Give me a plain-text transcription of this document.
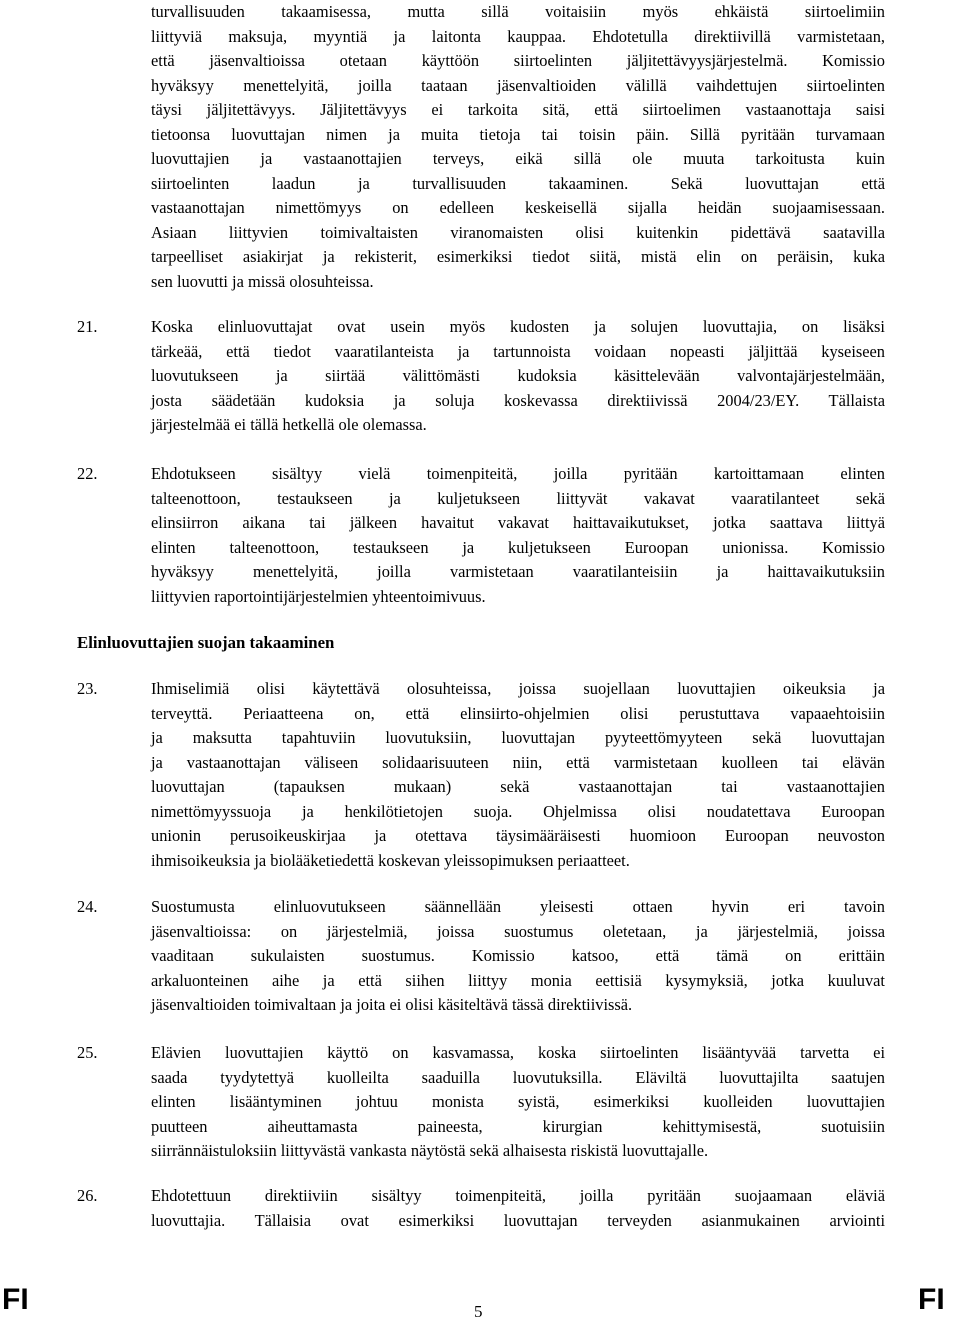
turvallisuuden takaamisessa, mutta sillä voitaisiin myös ehkäistä siirtoelimiin
liittyviä maksuja, myyntiä ja laitonta kauppaa. Ehdotetulla direktiivillä varmistetaan,
että jäsenvaltioissa otetaan käyttöön siirtoelinten jäljitettävyysjärjestelmä. Komissio
hyväksyy menettelyitä, joilla taataan jäsenvaltioiden välillä vaihdettujen siirtoelinten
täysi jäljitettävyys. Jäljitettävyys ei tarkoita sitä, että siirtoelimen vastaanottaja saisi
tietoonsa luovuttajan nimen ja muita tietoja tai toisin päin. Sillä pyritään turvamaan
luovuttajien ja vastaanottajien terveys, eikä sillä ole muuta tarkoitusta kuin
siirtoelinten laadun ja turvallisuuden takaaminen. Sekä luovuttajan että
vastaanottajan nimettömyys on edelleen keskeisellä sijalla heidän suojaamisessaan.
Asiaan liittyvien toimivaltaisten viranomaisten olisi kuitenkin pidettävä saatavilla
tarpeelliset asiakirjat ja rekisterit, esimerkiksi tiedot siitä, mistä elin on peräisin, kuka
sen luovutti ja missä olosuhteissa.
21.	Koska elinluovuttajat ovat usein myös kudosten ja solujen luovuttajia, on lisäksi
tärkeää, että tiedot vaaratilanteista ja tartunnoista voidaan nopeasti jäljittää kyseiseen
luovutukseen ja siirtää välittömästi kudoksia käsittelevään valvontajärjestelmään,
josta säädetään kudoksia ja soluja koskevassa direktiivissä 2004/23/EY. Tällaista
järjestelmää ei tällä hetkellä ole olemassa.
22.	Ehdotukseen sisältyy vielä toimenpiteitä, joilla pyritään kartoittamaan elinten
talteenottoon, testaukseen ja kuljetukseen liittyvät vakavat vaaratilanteet sekä
elinsiirron aikana tai jälkeen havaitut vakavat haittavaikutukset, jotka saattava liittyä
elinten talteenottoon, testaukseen ja kuljetukseen Euroopan unionissa. Komissio
hyväksyy menettelyitä, joilla varmistetaan vaaratilanteisiin ja haittavaikutuksiin
liittyvien raportointijärjestelmien yhteentoimivuus.
Elinluovuttajien suojan takaaminen
23.	Ihmiselimiä olisi käytettävä olosuhteissa, joissa suojellaan luovuttajien oikeuksia ja
terveyttä. Periaatteena on, että elinsiirto-ohjelmien olisi perustuttava vapaaehtoisiin
ja maksutta tapahtuviin luovutuksiin, luovuttajan pyyteettömyyteen sekä luovuttajan
ja vastaanottajan väliseen solidaarisuuteen niin, että varmistetaan kuolleen tai elävän
luovuttajan (tapauksen mukaan) sekä vastaanottajan tai vastaanottajien
nimettömyyssuoja ja henkilötietojen suoja. Ohjelmissa olisi noudatettava Euroopan
unionin perusoikeuskirjaa ja otettava täysimääräisesti huomioon Euroopan neuvoston
ihmisoikeuksia ja biolääketiedettä koskevan yleissopimuksen periaatteet.
24.	Suostumusta elinluovutukseen säännellään yleisesti ottaen hyvin eri tavoin
jäsenvaltioissa: on järjestelmiä, joissa suostumus oletetaan, ja järjestelmiä, joissa
vaaditaan sukulaisten suostumus. Komissio katsoo, että tämä on erittäin
arkaluonteinen aihe ja että siihen liittyy monia eettisiä kysymyksiä, jotka kuuluvat
jäsenvaltioiden toimivaltaan ja joita ei olisi käsiteltävä tässä direktiivissä.
25.	Elävien luovuttajien käyttö on kasvamassa, koska siirtoelinten lisääntyvää tarvetta ei
saada tyydytettyä kuolleilta saaduilla luovutuksilla. Eläviltä luovuttajilta saatujen
elinten lisääntyminen johtuu monista syistä, esimerkiksi kuolleiden luovuttajien
puutteen aiheuttamasta paineesta, kirurgian kehittymisestä, suotuisiin
siirrännäistuloksiin liittyvästä vankasta näytöstä sekä alhaisesta riskistä luovuttajalle.
26.	Ehdotettuun direktiiviin sisältyy toimenpiteitä, joilla pyritään suojaamaan eläviä
luovuttajia. Tällaisia ovat esimerkiksi luovuttajan terveyden asianmukainen arviointi
FI	5	FI
